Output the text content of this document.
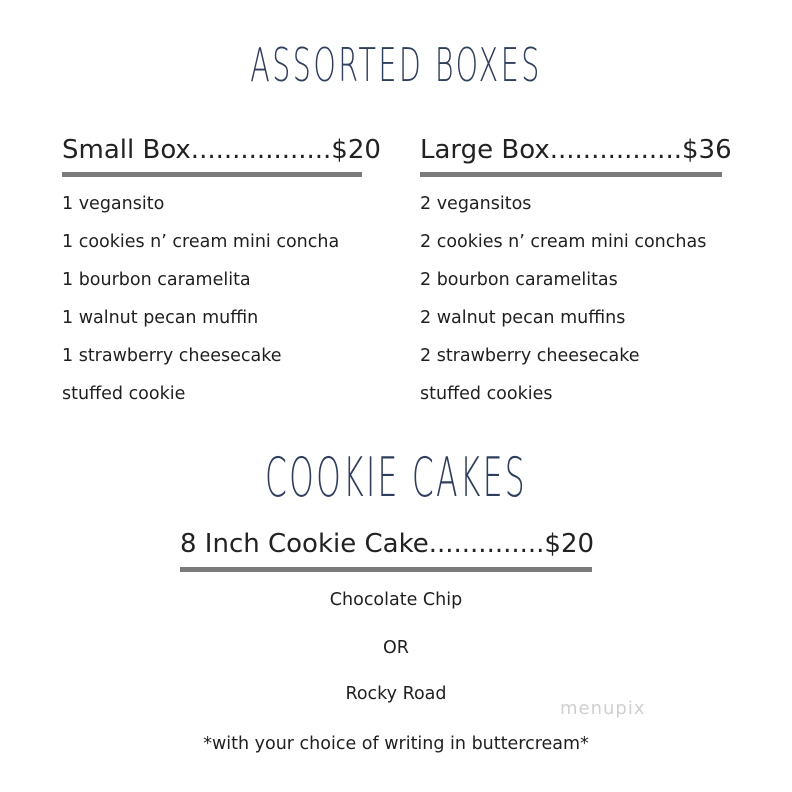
ASSORTED BOXES
Small Box.................$20
1 vegansito
1 cookies n’ cream mini concha
1 bourbon caramelita
1 walnut pecan muffin
1 strawberry cheesecake
stuffed cookie
Large Box................$36
2 vegansitos
2 cookies n’ cream mini conchas
2 bourbon caramelitas
2 walnut pecan muffins
2 strawberry cheesecake
stuffed cookies
COOKIE CAKES
8 Inch Cookie Cake..............$20
Chocolate Chip
OR
Rocky Road
*with your choice of writing in buttercream*
menupix
